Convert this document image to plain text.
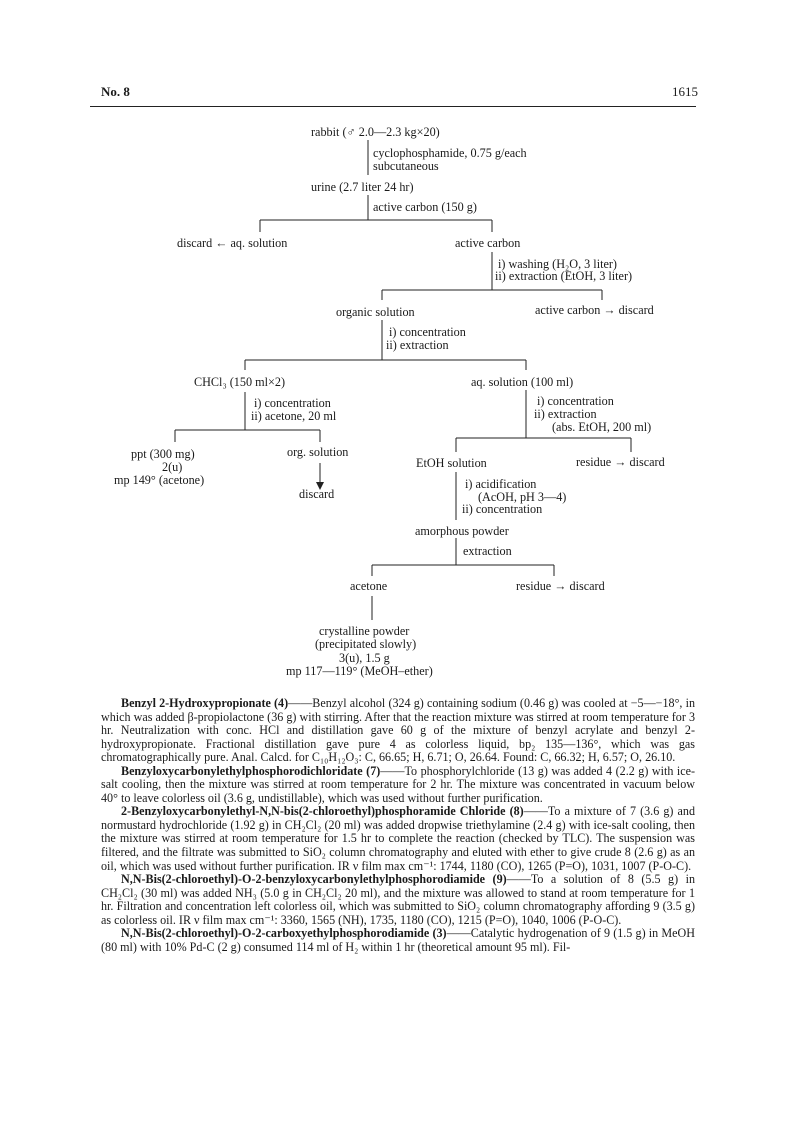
No. 8	1615
rabbit (♂ 2.0—2.3 kg×20)
cyclophosphamide, 0.75 g/each
subcutaneous
urine (2.7 liter 24 hr)
active carbon (150 g)
discard ← aq. solution	active carbon
i) washing (H₂O, 3 liter)
ii) extraction (EtOH, 3 liter)
organic solution	active carbon → discard
i) concentration
ii) extraction
CHCl₃ (150 ml×2)	aq. solution (100 ml)
i) concentration
ii) acetone, 20 ml
i) concentration
ii) extraction
(abs. EtOH, 200 ml)
ppt (300 mg)
2(u)
mp 149° (acetone)
org. solution
discard
EtOH solution	residue → discard
i) acidification
(AcOH, pH 3—4)
ii) concentration
amorphous powder
extraction
acetone	residue → discard
crystalline powder
(precipitated slowly)
3(u), 1.5 g
mp 117—119° (MeOH–ether)

Benzyl 2-Hydroxypropionate (4)——Benzyl alcohol (324 g) containing sodium (0.46 g) was cooled at −5—−18°, in which was added β-propiolactone (36 g) with stirring. After that the reaction mixture was stirred at room temperature for 3 hr. Neutralization with conc. HCl and distillation gave 60 g of the mixture of benzyl acrylate and benzyl 2-hydroxypropionate. Fractional distillation gave pure 4 as colorless liquid, bp₂ 135—136°, which was gas chromatographically pure. Anal. Calcd. for C₁₀H₁₂O₃: C, 66.65; H, 6.71; O, 26.64. Found: C, 66.32; H, 6.57; O, 26.10.

Benzyloxycarbonylethylphosphorodichloridate (7)——To phosphorylchloride (13 g) was added 4 (2.2 g) with ice-salt cooling, then the mixture was stirred at room temperature for 2 hr. The mixture was concentrated in vacuum below 40° to leave colorless oil (3.6 g, undistillable), which was used without further purification.

2-Benzyloxycarbonylethyl-N,N-bis(2-chloroethyl)phosphoramide Chloride (8)——To a mixture of 7 (3.6 g) and normustard hydrochloride (1.92 g) in CH₂Cl₂ (20 ml) was added dropwise triethylamine (2.4 g) with ice-salt cooling, then the mixture was stirred at room temperature for 1.5 hr to complete the reaction (checked by TLC). The suspension was filtered, and the filtrate was submitted to SiO₂ column chromatography and eluted with ether to give crude 8 (2.6 g) as an oil, which was used without further purification. IR ν film max cm⁻¹: 1744, 1180 (CO), 1265 (P=O), 1031, 1007 (P-O-C).

N,N-Bis(2-chloroethyl)-O-2-benzyloxycarbonylethylphosphorodiamide (9)——To a solution of 8 (5.5 g) in CH₂Cl₂ (30 ml) was added NH₃ (5.0 g in CH₂Cl₂ 20 ml), and the mixture was allowed to stand at room temperature for 1 hr. Filtration and concentration left colorless oil, which was submitted to SiO₂ column chromatography affording 9 (3.5 g) as colorless oil. IR ν film max cm⁻¹: 3360, 1565 (NH), 1735, 1180 (CO), 1215 (P=O), 1040, 1006 (P-O-C).

N,N-Bis(2-chloroethyl)-O-2-carboxyethylphosphorodiamide (3)——Catalytic hydrogenation of 9 (1.5 g) in MeOH (80 ml) with 10% Pd-C (2 g) consumed 114 ml of H₂ within 1 hr (theoretical amount 95 ml). Fil-
